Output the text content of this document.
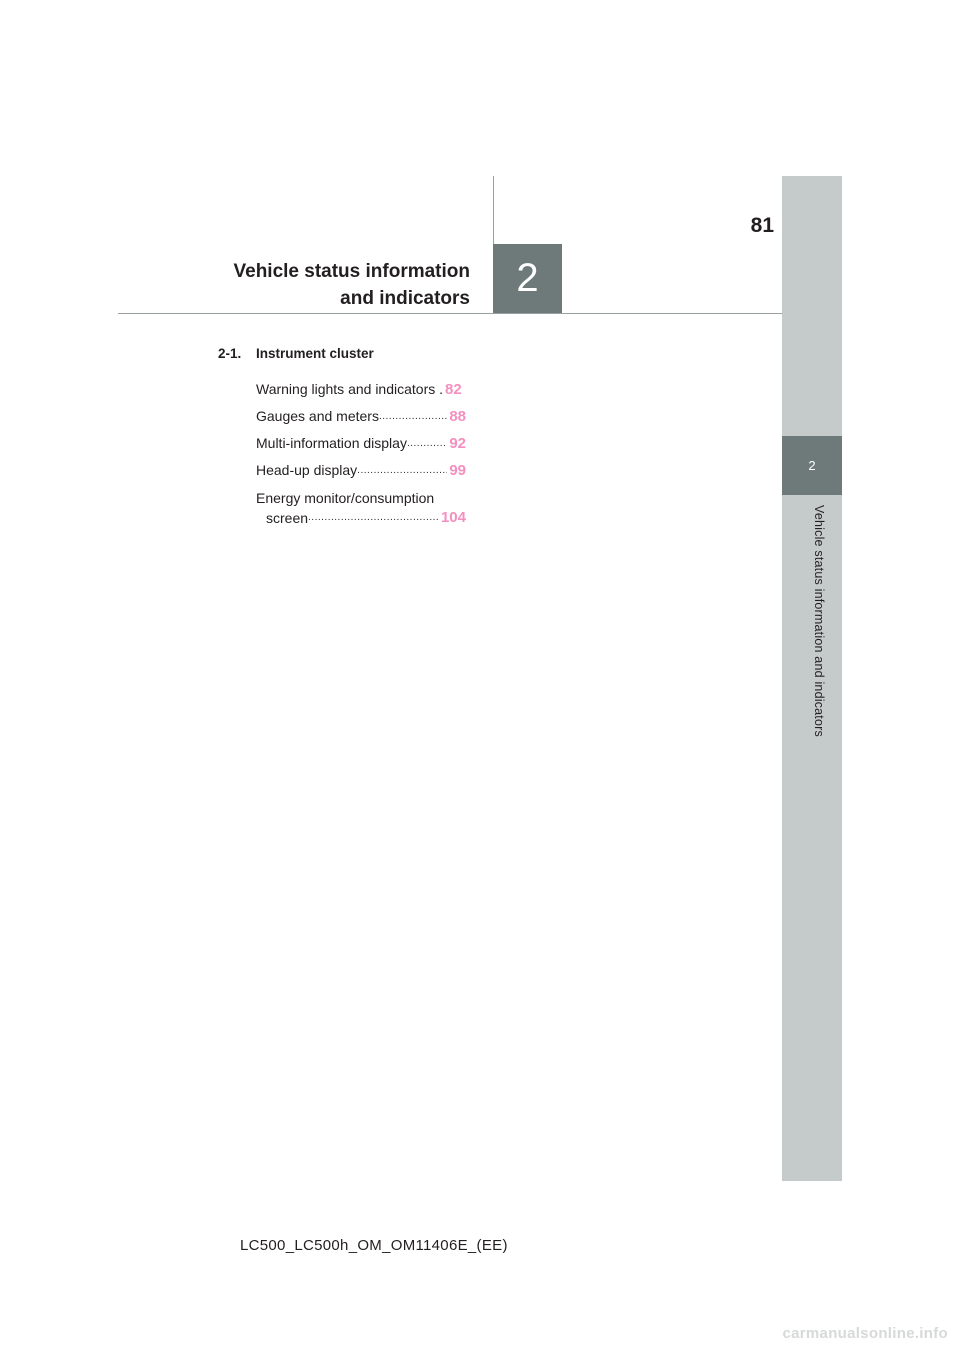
2
Vehicle status information and indicators
2
81
Vehicle status information
and indicators
2-1.	Instrument cluster
Warning lights and indicators . 82
Gauges and meters .....	88
Multi-information display .....	92
Head-up display .....	99
Energy monitor/consumption
screen .....	104
LC500_LC500h_OM_OM11406E_(EE)
carmanualsonline.info
